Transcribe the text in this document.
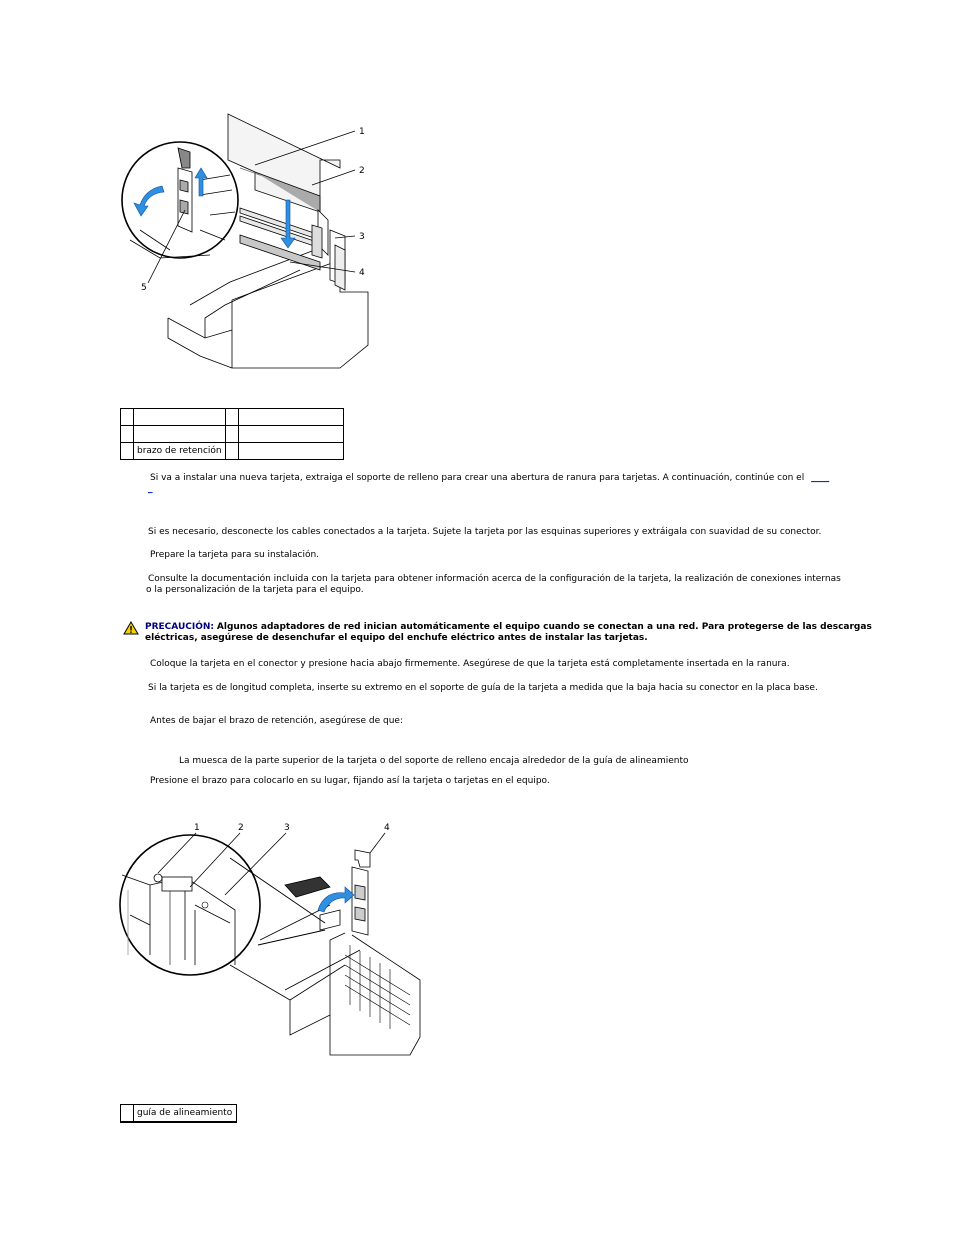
1
2
3
4
5

	brazo de retención		
Si va a instalar una nueva tarjeta, extraiga el soporte de relleno para crear una abertura de ranura para tarjetas. A continuación, continúe con el ____
_
Si es necesario, desconecte los cables conectados a la tarjeta. Sujete la tarjeta por las esquinas superiores y extráigala con suavidad de su conector.
Prepare la tarjeta para su instalación.
Consulte la documentación incluida con la tarjeta para obtener información acerca de la configuración de la tarjeta, la realización de conexiones internas
o la personalización de la tarjeta para el equipo.
PRECAUCIÓN: Algunos adaptadores de red inician automáticamente el equipo cuando se conectan a una red. Para protegerse de las descargas
eléctricas, asegúrese de desenchufar el equipo del enchufe eléctrico antes de instalar las tarjetas.
Coloque la tarjeta en el conector y presione hacia abajo firmemente. Asegúrese de que la tarjeta está completamente insertada en la ranura.
Si la tarjeta es de longitud completa, inserte su extremo en el soporte de guía de la tarjeta a medida que la baja hacia su conector en la placa base.
Antes de bajar el brazo de retención, asegúrese de que:
La muesca de la parte superior de la tarjeta o del soporte de relleno encaja alrededor de la guía de alineamiento
Presione el brazo para colocarlo en su lugar, fijando así la tarjeta o tarjetas en el equipo.
1	2	3	4
	guía de alineamiento
